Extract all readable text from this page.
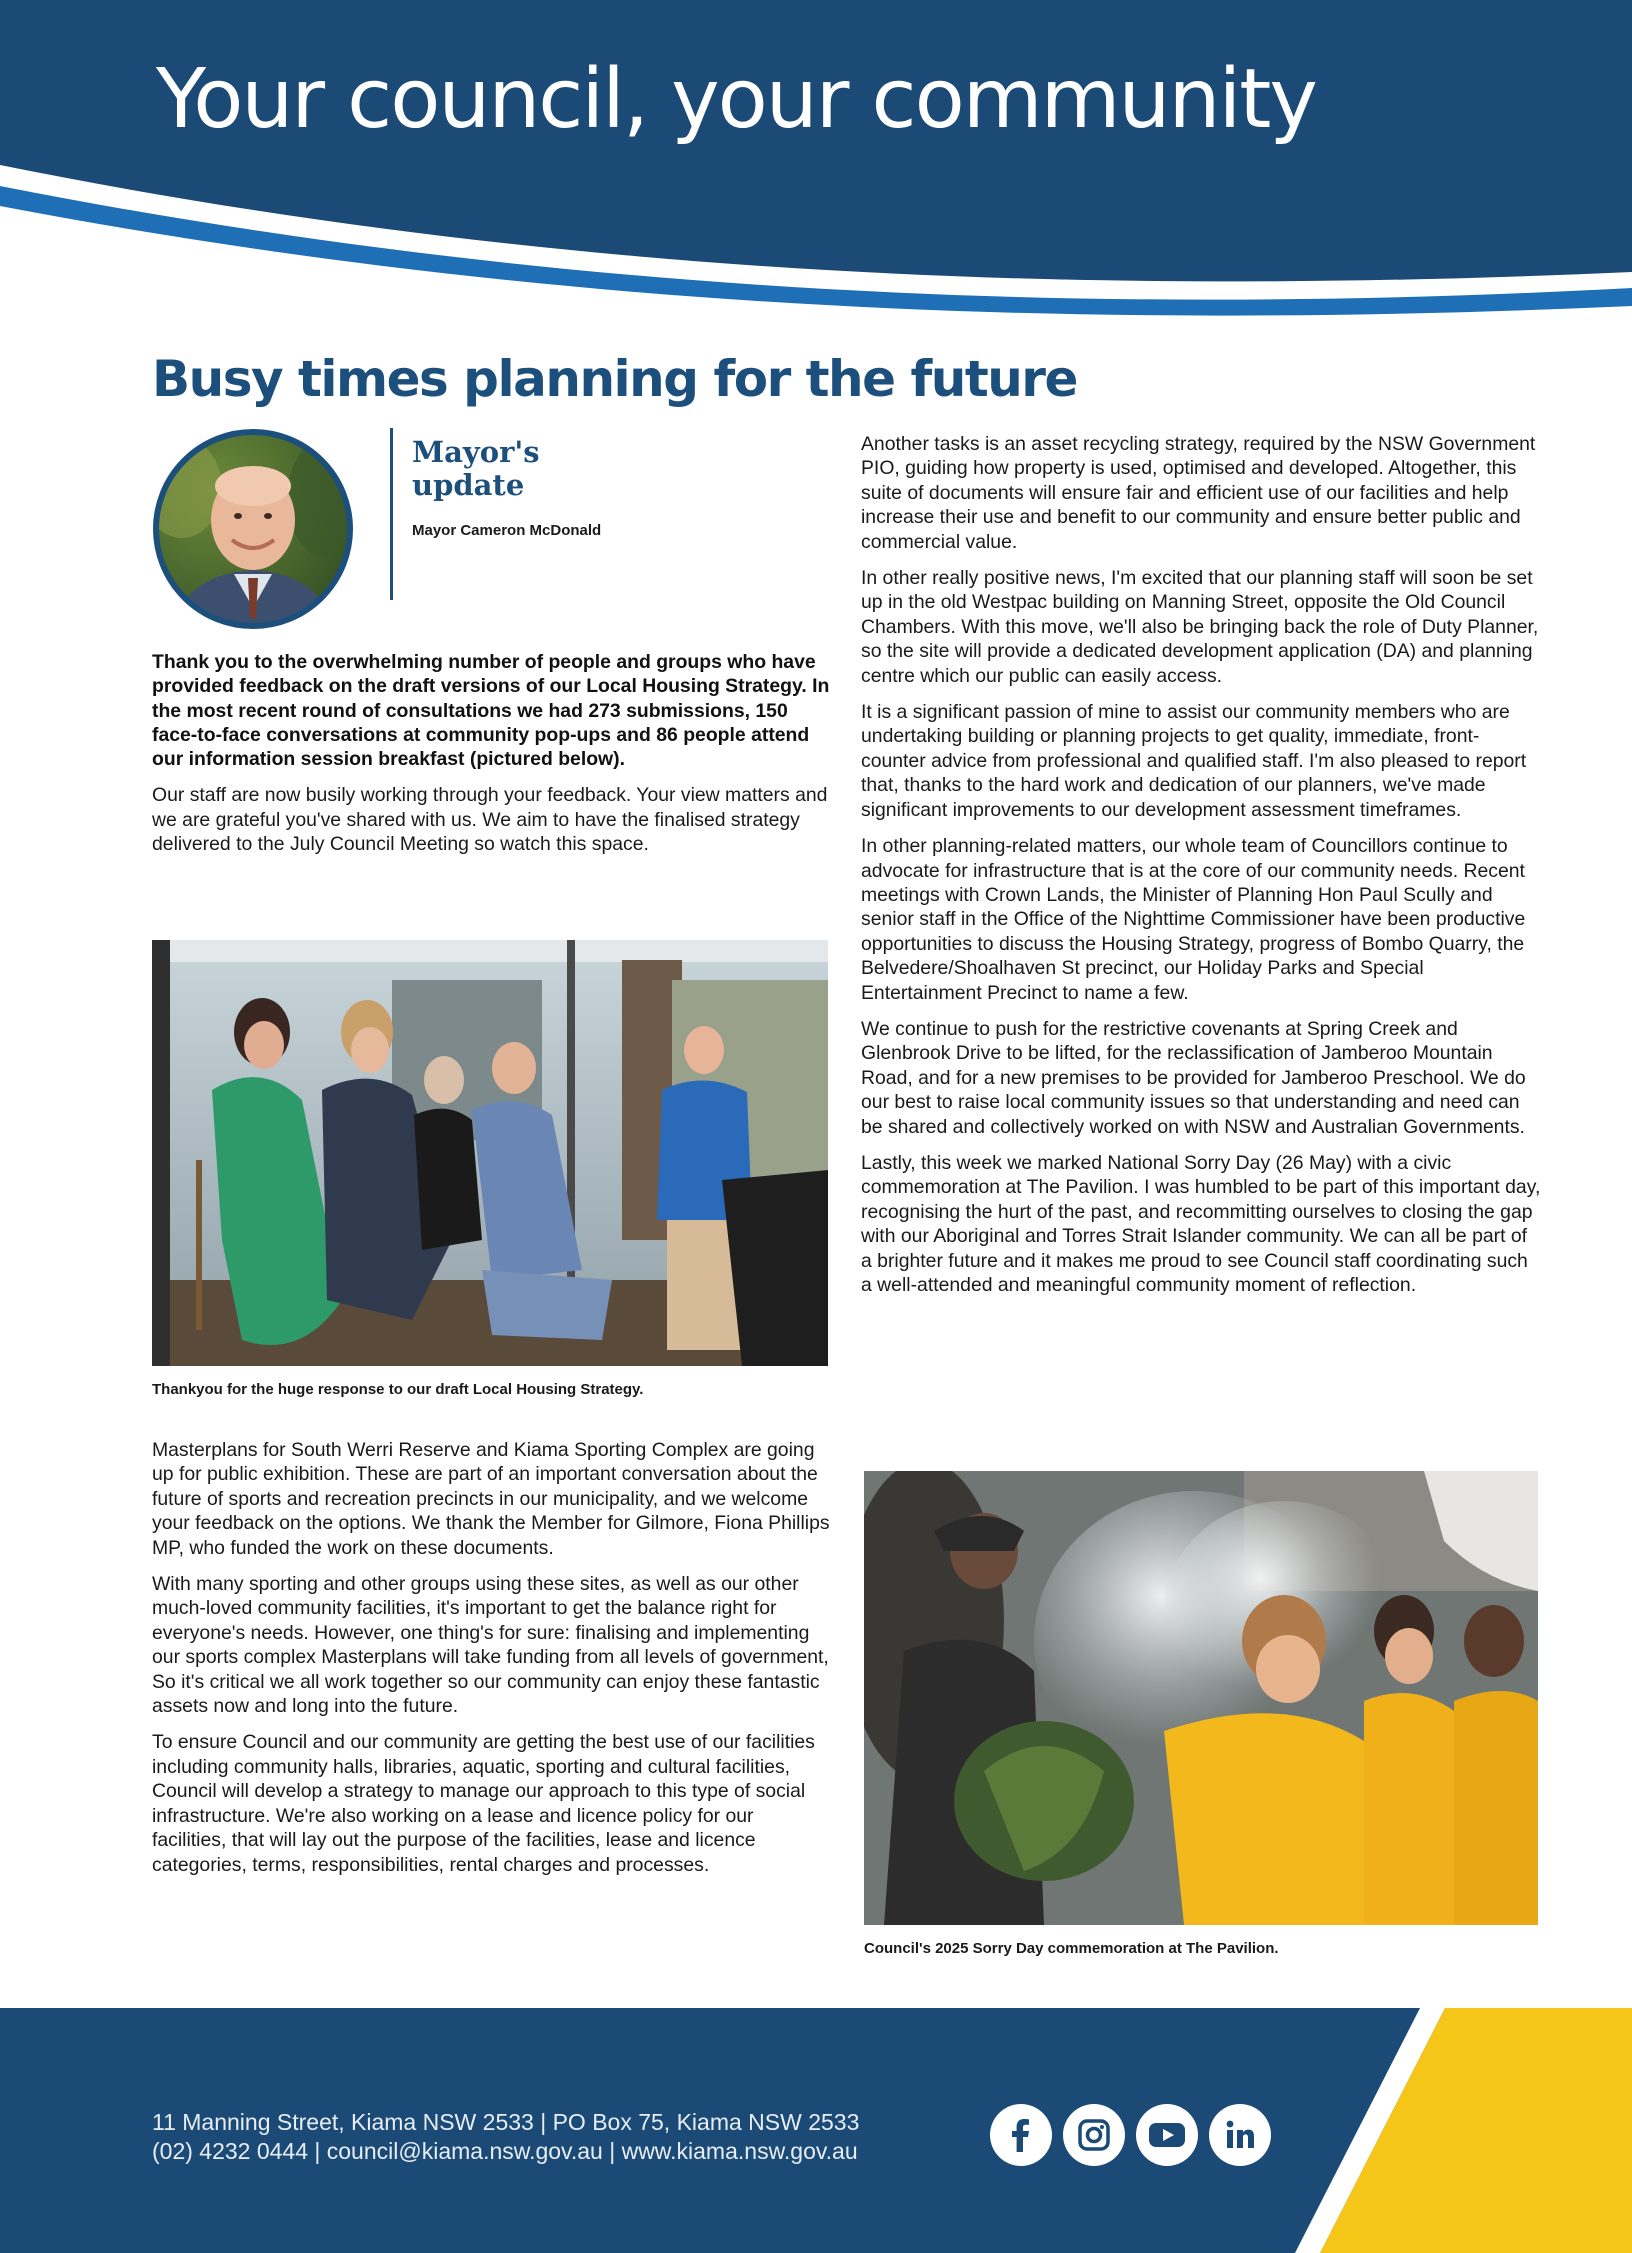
Your council, your community
Busy times planning for the future
Mayor's
update
Mayor Cameron McDonald

Thank you to the overwhelming number of people and groups who have provided feedback on the draft versions of our Local Housing Strategy. In the most recent round of consultations we had 273 submissions, 150 face-to-face conversations at community pop-ups and 86 people attend our information session breakfast (pictured below).

Our staff are now busily working through your feedback. Your view matters and we are grateful you've shared with us. We aim to have the finalised strategy delivered to the July Council Meeting so watch this space.

Thankyou for the huge response to our draft Local Housing Strategy.

Masterplans for South Werri Reserve and Kiama Sporting Complex are going up for public exhibition. These are part of an important conversation about the future of sports and recreation precincts in our municipality, and we welcome your feedback on the options. We thank the Member for Gilmore, Fiona Phillips MP, who funded the work on these documents.

With many sporting and other groups using these sites, as well as our other much-loved community facilities, it's important to get the balance right for everyone's needs. However, one thing's for sure: finalising and implementing our sports complex Masterplans will take funding from all levels of government, So it's critical we all work together so our community can enjoy these fantastic assets now and long into the future.

To ensure Council and our community are getting the best use of our facilities including community halls, libraries, aquatic, sporting and cultural facilities, Council will develop a strategy to manage our approach to this type of social infrastructure. We're also working on a lease and licence policy for our facilities, that will lay out the purpose of the facilities, lease and licence categories, terms, responsibilities, rental charges and processes.

Another tasks is an asset recycling strategy, required by the NSW Government PIO, guiding how property is used, optimised and developed. Altogether, this suite of documents will ensure fair and efficient use of our facilities and help increase their use and benefit to our community and ensure better public and commercial value.

In other really positive news, I'm excited that our planning staff will soon be set up in the old Westpac building on Manning Street, opposite the Old Council Chambers. With this move, we'll also be bringing back the role of Duty Planner, so the site will provide a dedicated development application (DA) and planning centre which our public can easily access.

It is a significant passion of mine to assist our community members who are undertaking building or planning projects to get quality, immediate, front-counter advice from professional and qualified staff. I'm also pleased to report that, thanks to the hard work and dedication of our planners, we've made significant improvements to our development assessment timeframes.

In other planning-related matters, our whole team of Councillors continue to advocate for infrastructure that is at the core of our community needs. Recent meetings with Crown Lands, the Minister of Planning Hon Paul Scully and senior staff in the Office of the Nighttime Commissioner have been productive opportunities to discuss the Housing Strategy, progress of Bombo Quarry, the Belvedere/Shoalhaven St precinct, our Holiday Parks and Special Entertainment Precinct to name a few.

We continue to push for the restrictive covenants at Spring Creek and Glenbrook Drive to be lifted, for the reclassification of Jamberoo Mountain Road, and for a new premises to be provided for Jamberoo Preschool. We do our best to raise local community issues so that understanding and need can be shared and collectively worked on with NSW and Australian Governments.

Lastly, this week we marked National Sorry Day (26 May) with a civic commemoration at The Pavilion. I was humbled to be part of this important day, recognising the hurt of the past, and recommitting ourselves to closing the gap with our Aboriginal and Torres Strait Islander community. We can all be part of a brighter future and it makes me proud to see Council staff coordinating such a well-attended and meaningful community moment of reflection.

Council's 2025 Sorry Day commemoration at The Pavilion.
11 Manning Street, Kiama NSW 2533 | PO Box 75, Kiama NSW 2533
(02) 4232 0444 | council@kiama.nsw.gov.au | www.kiama.nsw.gov.au
